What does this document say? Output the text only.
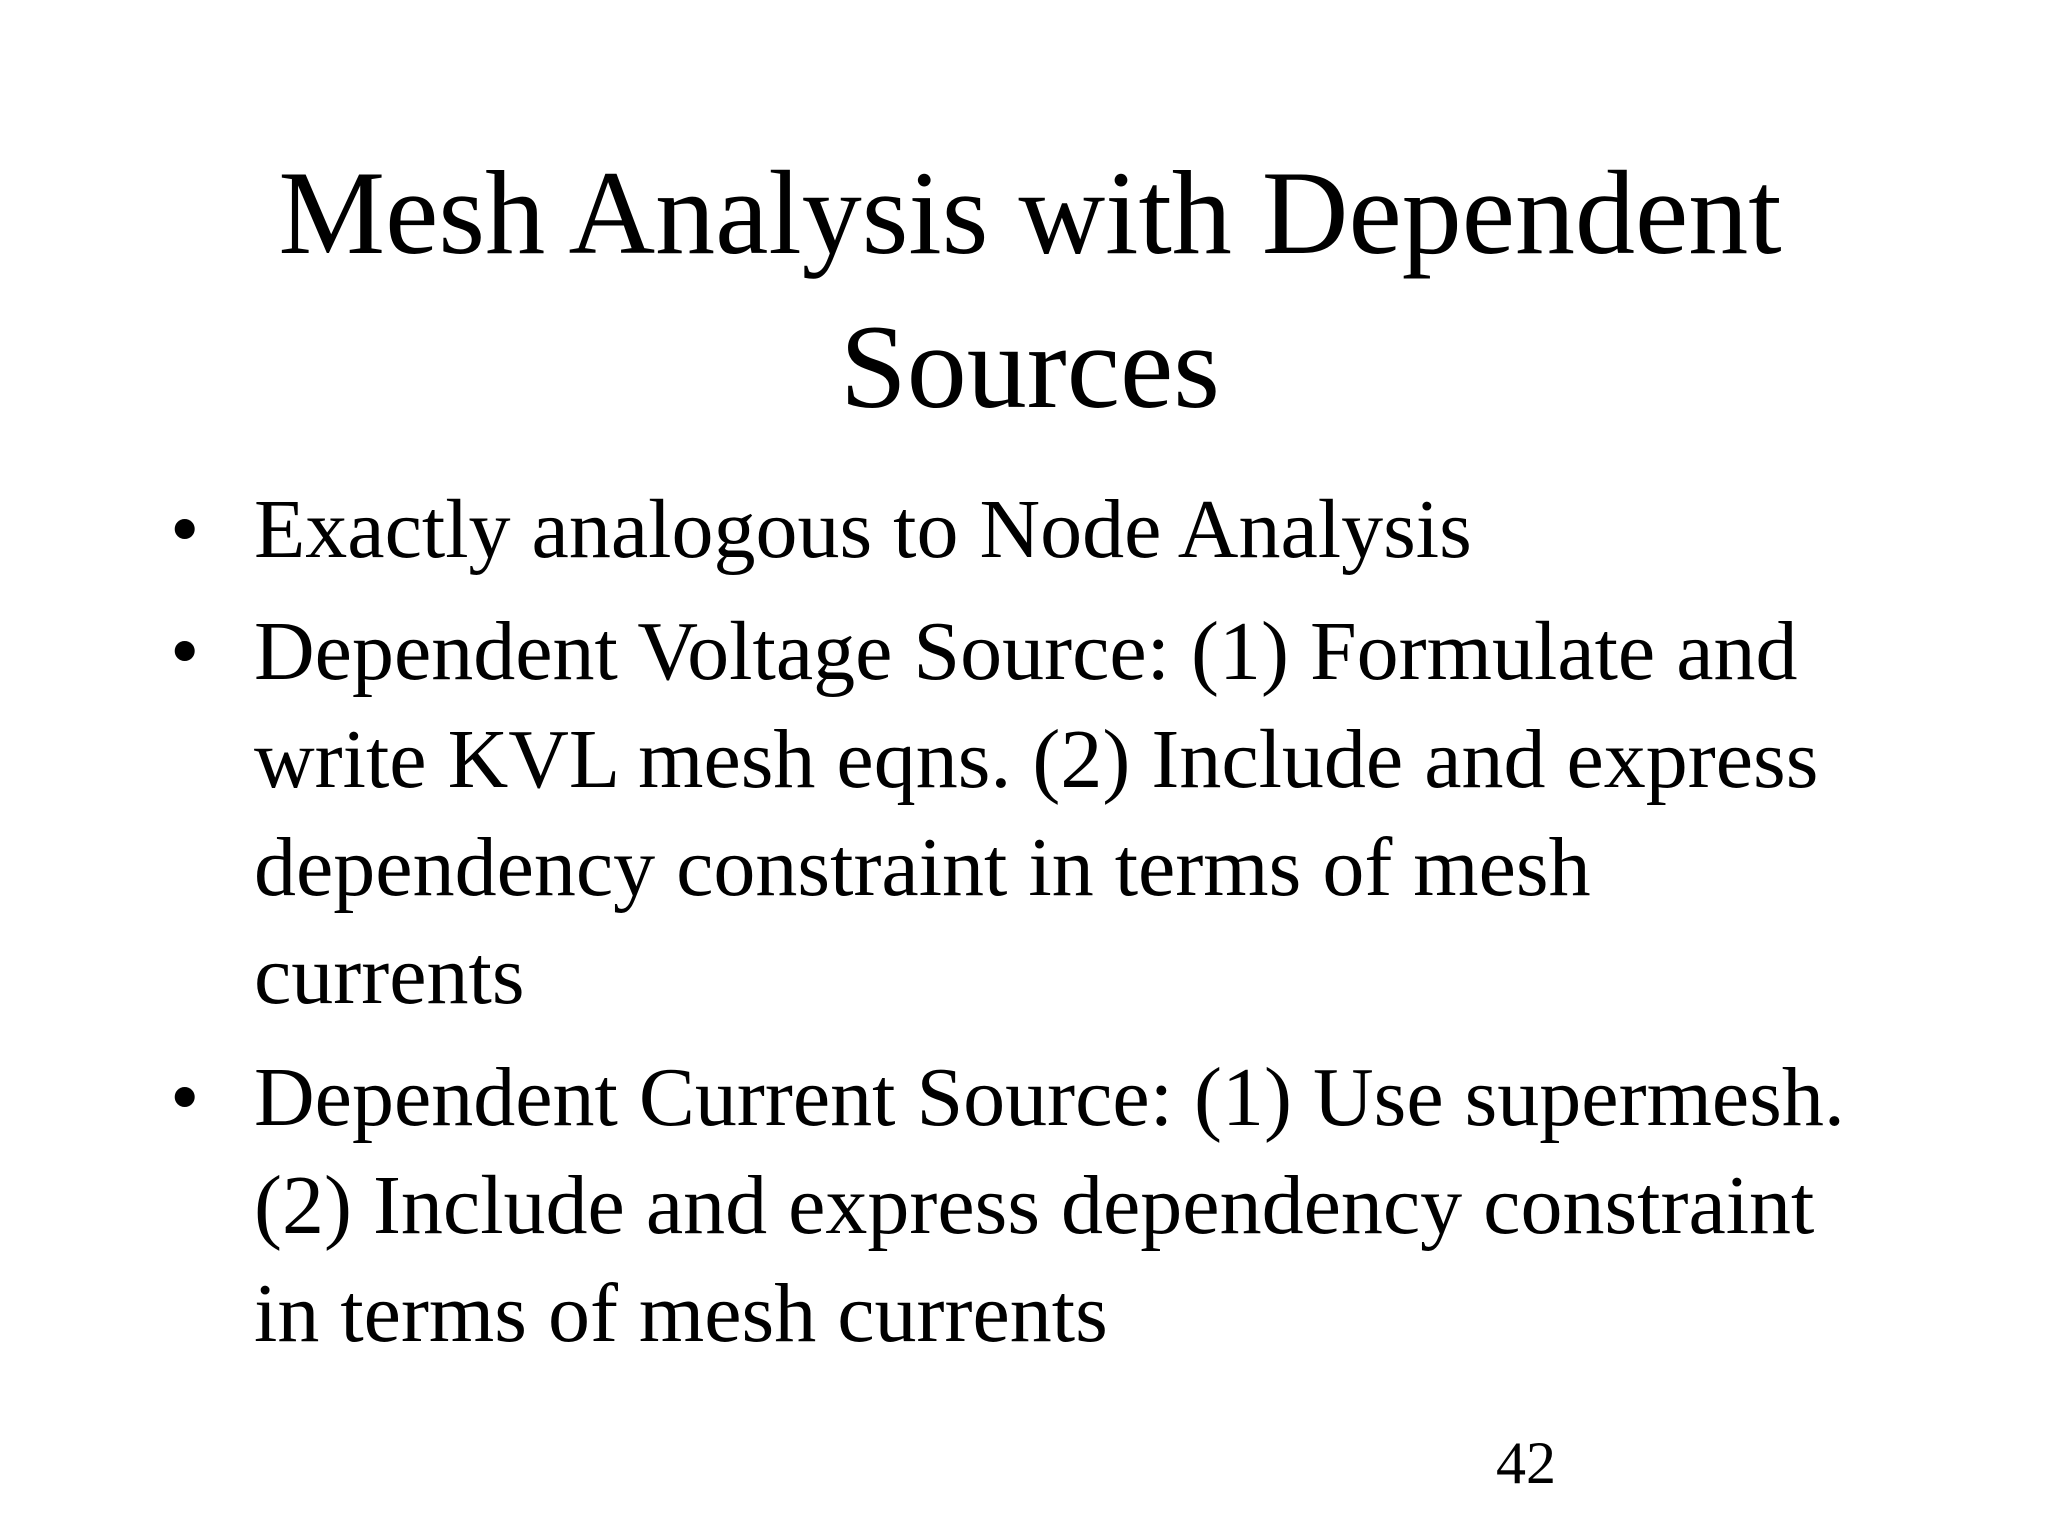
Mesh Analysis with Dependent Sources
• Exactly analogous to Node Analysis
• Dependent Voltage Source: (1) Formulate and write KVL mesh eqns. (2) Include and express dependency constraint in terms of mesh currents
• Dependent Current Source: (1) Use supermesh. (2) Include and express dependency constraint in terms of mesh currents
42
